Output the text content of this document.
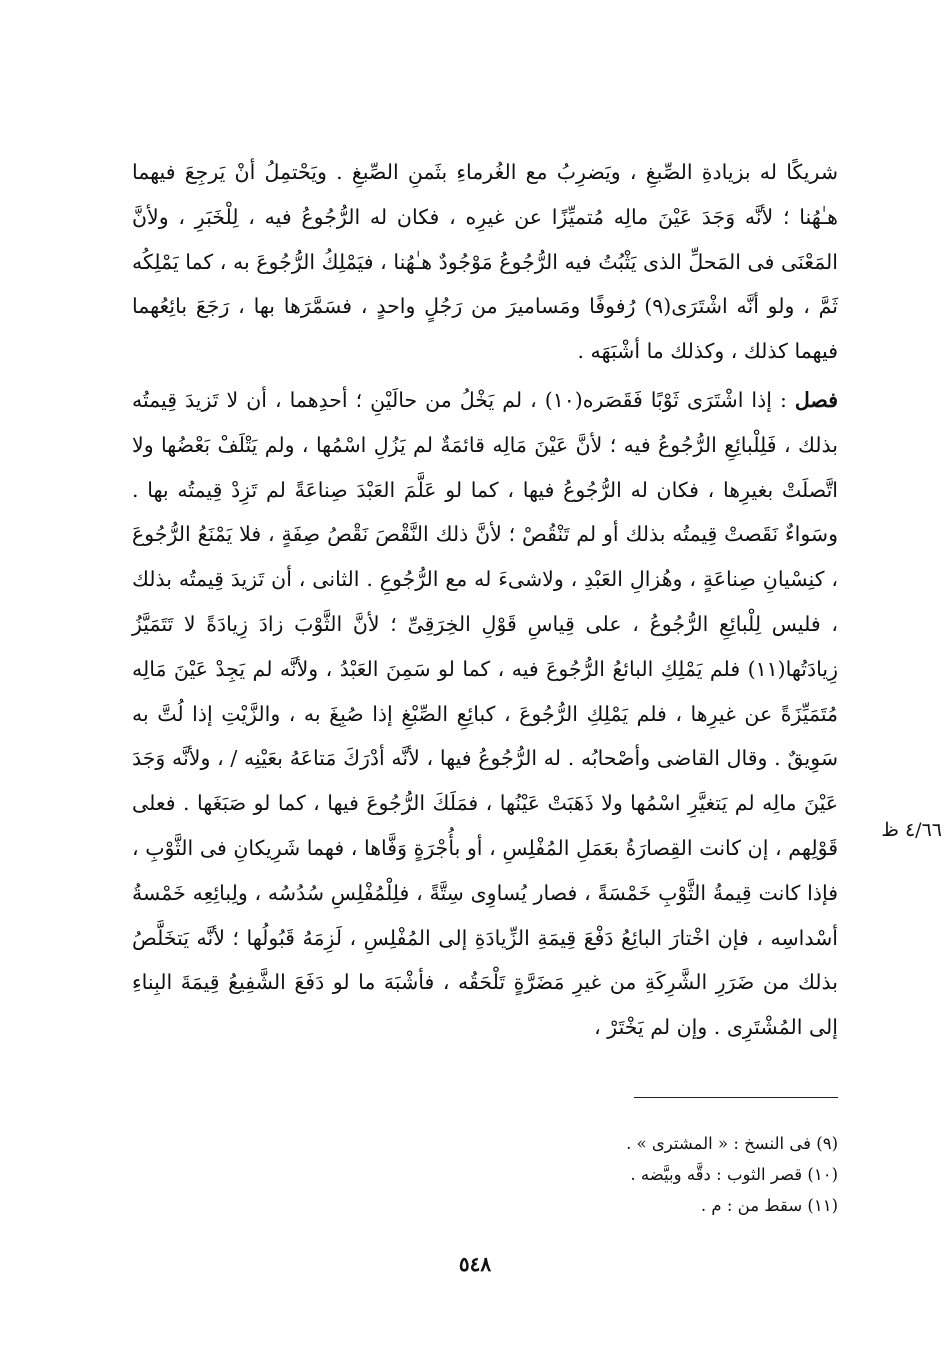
شريكًا له بزيادةِ الصِّبغِ ، ويَضرِبُ مع الغُرماءِ بثَمنِ الصِّبغِ . ويَحْتمِلُ أنْ يَرجِعَ فيهما هـٰهُنا ؛ لأنَّه وَجَدَ عَيْنَ مالِه مُتميِّزًا عن غيرِه ، فكان له الرُّجُوعُ فيه ، لِلْخَبَرِ ، ولأنَّ المَعْنَى فى المَحلِّ الذى يَثْبُتُ فيه الرُّجُوعُ مَوْجُودٌ هـٰهُنا ، فيَمْلِكُ الرُّجُوعَ به ، كما يَمْلِكُه ثَمَّ ، ولو أنَّه اشْتَرَى(٩) رُفوفًا ومَساميرَ من رَجُلٍ واحدٍ ، فسَمَّرَها بها ، رَجَعَ بائِعُهما فيهما كذلك ، وكذلك ما أشْبَهَه .

فصل : إذا اشْتَرَى ثَوْبًا فَقَصَره(١٠) ، لم يَخْلُ من حالَيْنِ ؛ أحدِهما ، أن لا تَزيدَ قِيمتُه بذلك ، فَلِلْبائِعِ الرُّجُوعُ فيه ؛ لأنَّ عَيْنَ مَالِه قائمَةٌ لم يَزُلِ اسْمُها ، ولم يَتْلَفْ بَعْضُها ولا اتَّصلَتْ بغيرِها ، فكان له الرُّجُوعُ فيها ، كما لو عَلَّمَ العَبْدَ صِناعَةً لم تَزِدْ قِيمتُه بها . وسَواءٌ نَقَصتْ قِيمتُه بذلك أو لم تَنْقُصْ ؛ لأنَّ ذلك النَّقْصَ نَقْصُ صِفَةٍ ، فلا يَمْنَعُ الرُّجُوعَ ، كنِسْيانِ صِناعَةٍ ، وهُزالِ العَبْدِ ، ولاشىءَ له مع الرُّجُوعِ . الثانى ، أن تَزيدَ قِيمتُه بذلك ، فليس لِلْبائِعِ الرُّجُوعُ ، على قِياسِ قَوْلِ الخِرَقِىِّ ؛ لأنَّ الثَّوْبَ زادَ زِيادَةً لا تَتَمَيَّزُ زِيادَتُها(١١) فلم يَمْلِكِ البائعُ الرُّجُوعَ فيه ، كما لو سَمِنَ العَبْدُ ، ولأنَّه لم يَجِدْ عَيْنَ مَالِه مُتَمَيِّزَةً عن غيرِها ، فلم يَمْلِكِ الرُّجُوعَ ، كبائِعِ الصِّبْغِ إذا صُبِغَ به ، والزَّيْتِ إذا لُتَّ به سَوِيقٌ . وقال القاضى وأصْحابُه . له الرُّجُوعُ فيها ، لأنَّه أدْرَكَ مَتاعَهُ بعَيْنِه / ، ولأنَّه وَجَدَ عَيْنَ مالِه لم يَتغيَّرِ اسْمُها ولا ذَهَبَتْ عَيْنُها ، فمَلَكَ الرُّجُوعَ فيها ، كما لو صَبَغَها . فعلى قَوْلِهم ، إن كانت القِصارَةُ بعَمَلِ المُفْلِسِ ، أو بأُجْرَةٍ وَفَّاها ، فهما شَرِيكانِ فى الثَّوْبِ ، فإذا كانت قِيمةُ الثَّوْبِ خَمْسَةً ، فصار يُساوِى سِتَّةً ، فلِلْمُفْلِسِ سُدُسُه ، ولِبائِعِه خَمْسةُ أسْداسِه ، فإن اخْتارَ البائِعُ دَفْعَ قِيمَةِ الزِّيادَةِ إلى المُفْلِسِ ، لَزِمَهُ قَبُولُها ؛ لأنَّه يَتخَلَّصُ بذلك من ضَرَرِ الشَّرِكَةِ من غيرِ مَضَرَّةٍ تَلْحَقُه ، فأشْبَهَ ما لو دَفَعَ الشَّفِيعُ قِيمَةَ البِناءِ إلى المُشْتَرِى . وإن لم يَخْتَرْ ،

٤/٦٦ ظ
(٩) فى النسخ : « المشترى » .
(١٠) قصر الثوب : دقَّه وبيَّضه .
(١١) سقط من : م .
٥٤٨
